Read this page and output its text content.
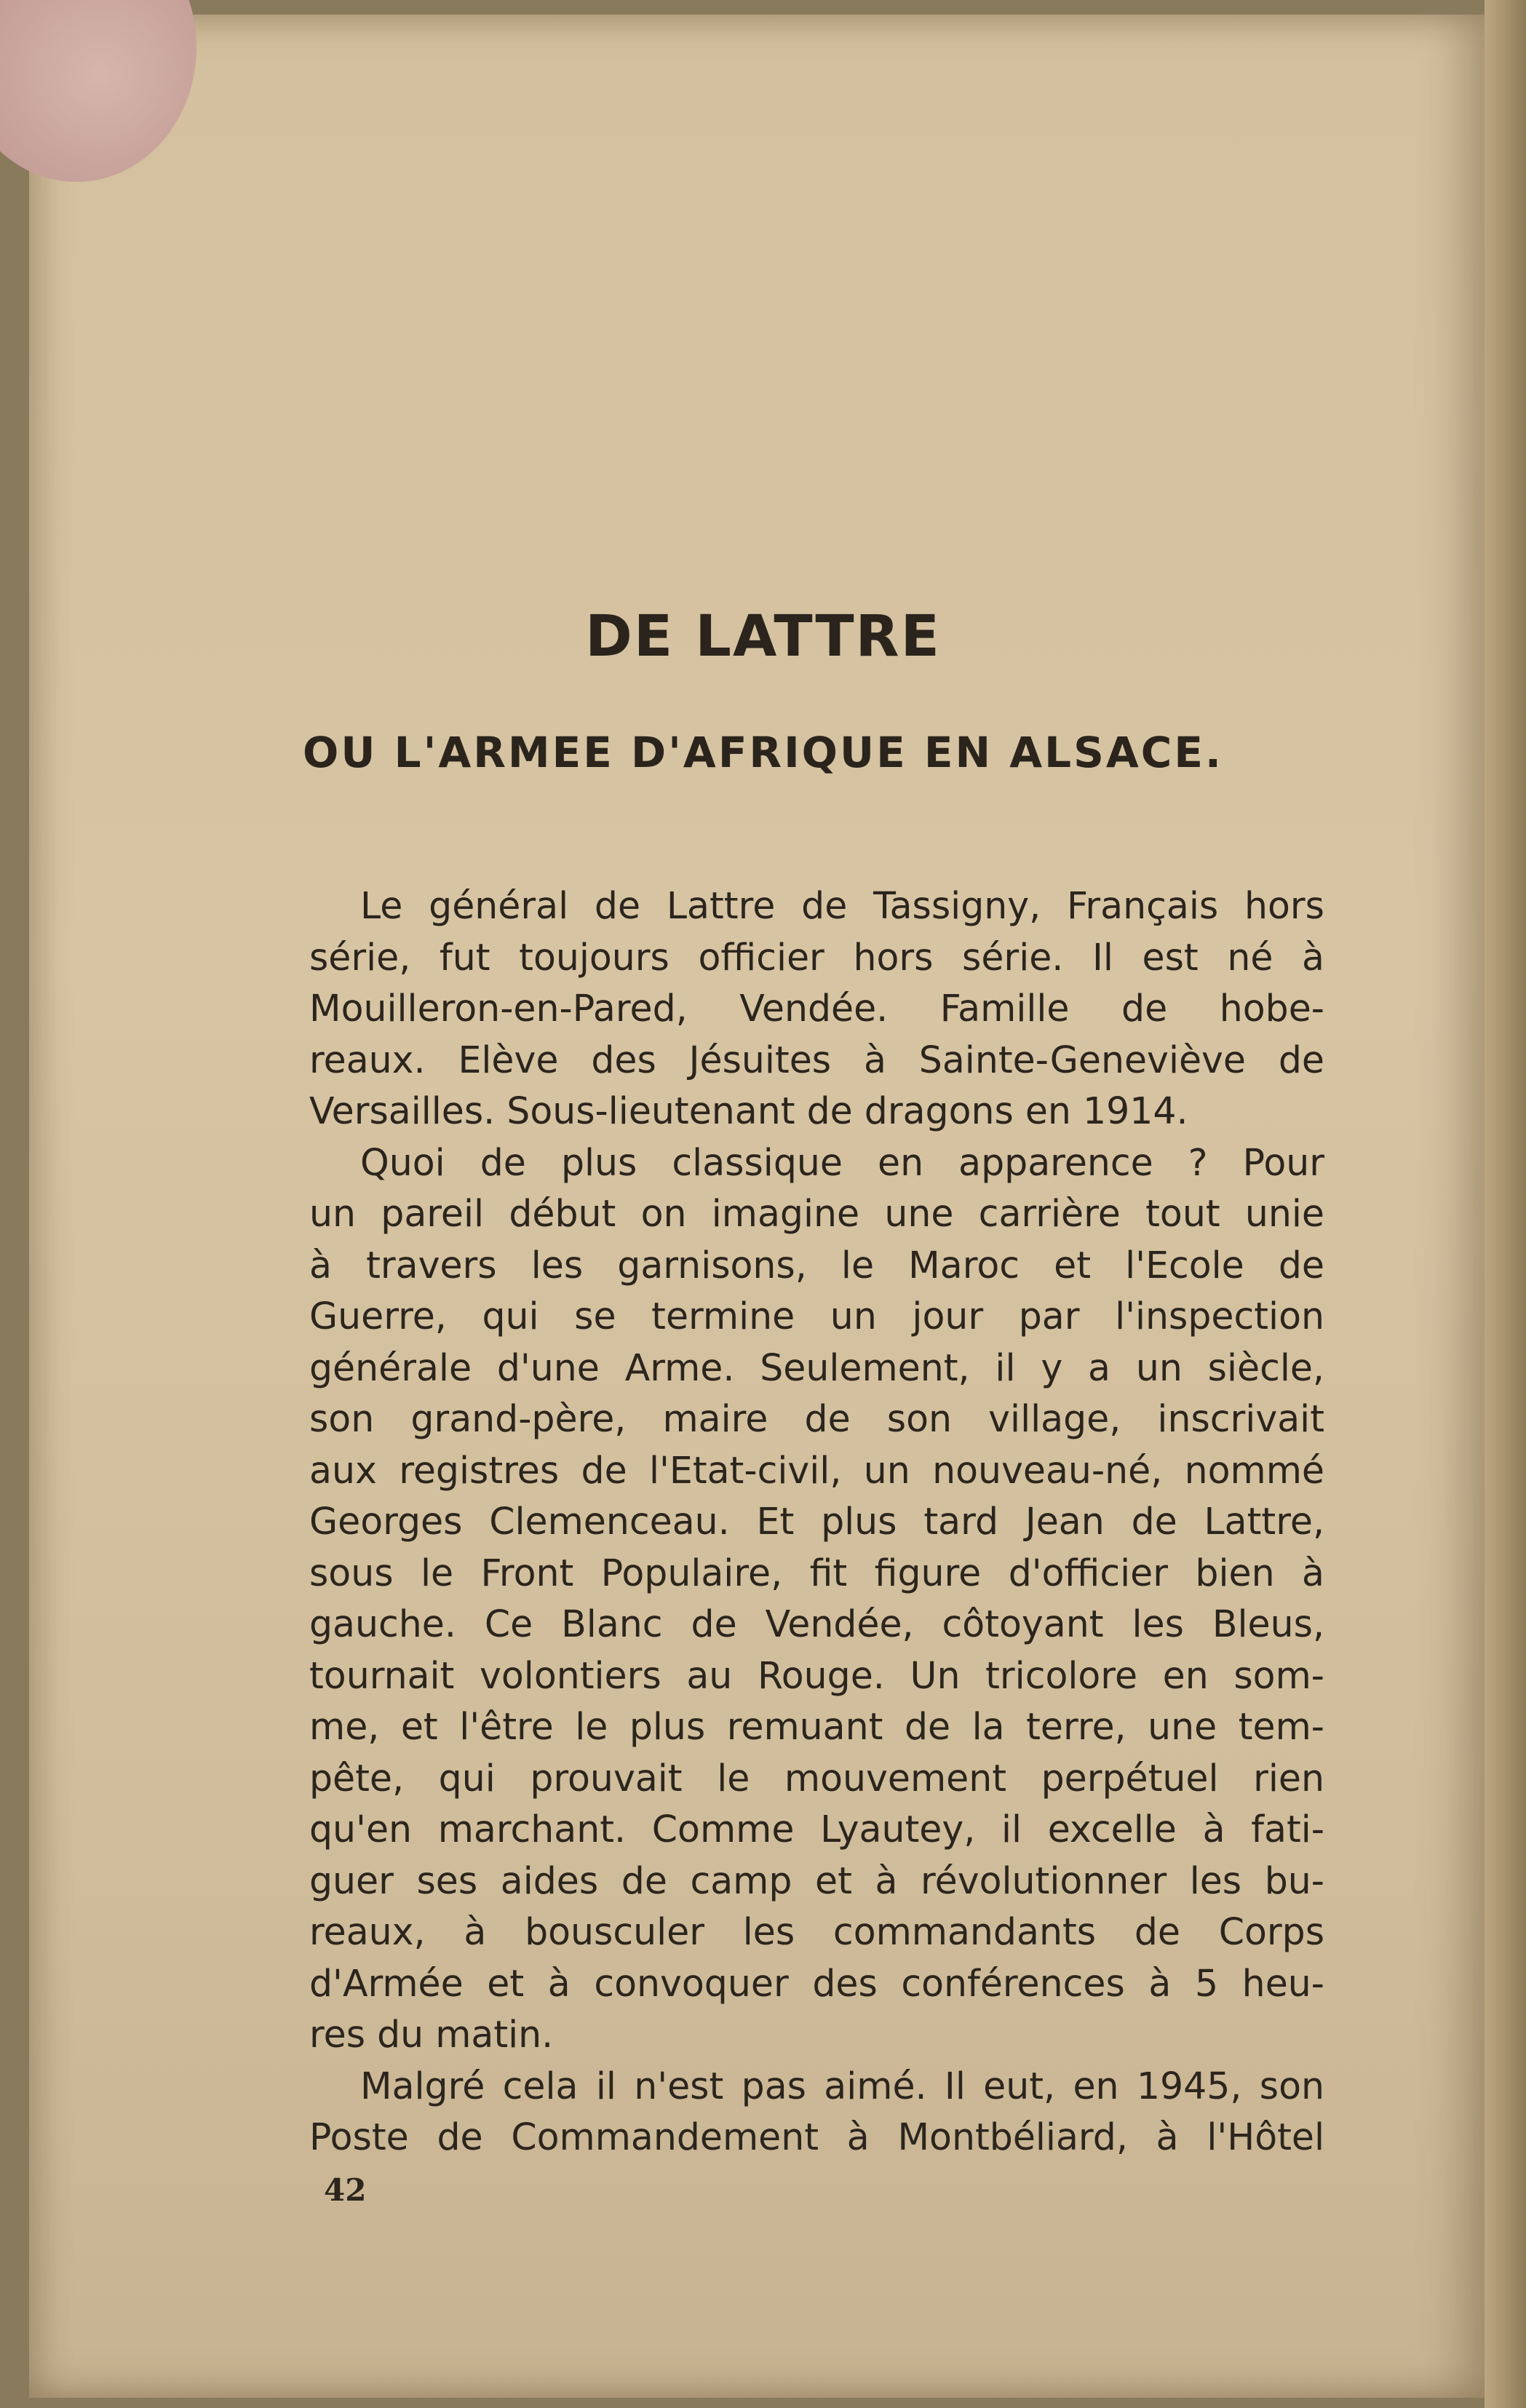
DE LATTRE
OU L'ARMEE D'AFRIQUE EN ALSACE.
Le général de Lattre de Tassigny, Français hors
série, fut toujours officier hors série. Il est né à
Mouilleron-en-Pared, Vendée. Famille de hobe-
reaux. Elève des Jésuites à Sainte-Geneviève de
Versailles. Sous-lieutenant de dragons en 1914.
Quoi de plus classique en apparence ? Pour
un pareil début on imagine une carrière tout unie
à travers les garnisons, le Maroc et l'Ecole de
Guerre, qui se termine un jour par l'inspection
générale d'une Arme. Seulement, il y a un siècle,
son grand-père, maire de son village, inscrivait
aux registres de l'Etat-civil, un nouveau-né, nommé
Georges Clemenceau. Et plus tard Jean de Lattre,
sous le Front Populaire, fit figure d'officier bien à
gauche. Ce Blanc de Vendée, côtoyant les Bleus,
tournait volontiers au Rouge. Un tricolore en som-
me, et l'être le plus remuant de la terre, une tem-
pête, qui prouvait le mouvement perpétuel rien
qu'en marchant. Comme Lyautey, il excelle à fati-
guer ses aides de camp et à révolutionner les bu-
reaux, à bousculer les commandants de Corps
d'Armée et à convoquer des conférences à 5 heu-
res du matin.
Malgré cela il n'est pas aimé. Il eut, en 1945, son
Poste de Commandement à Montbéliard, à l'Hôtel
42
